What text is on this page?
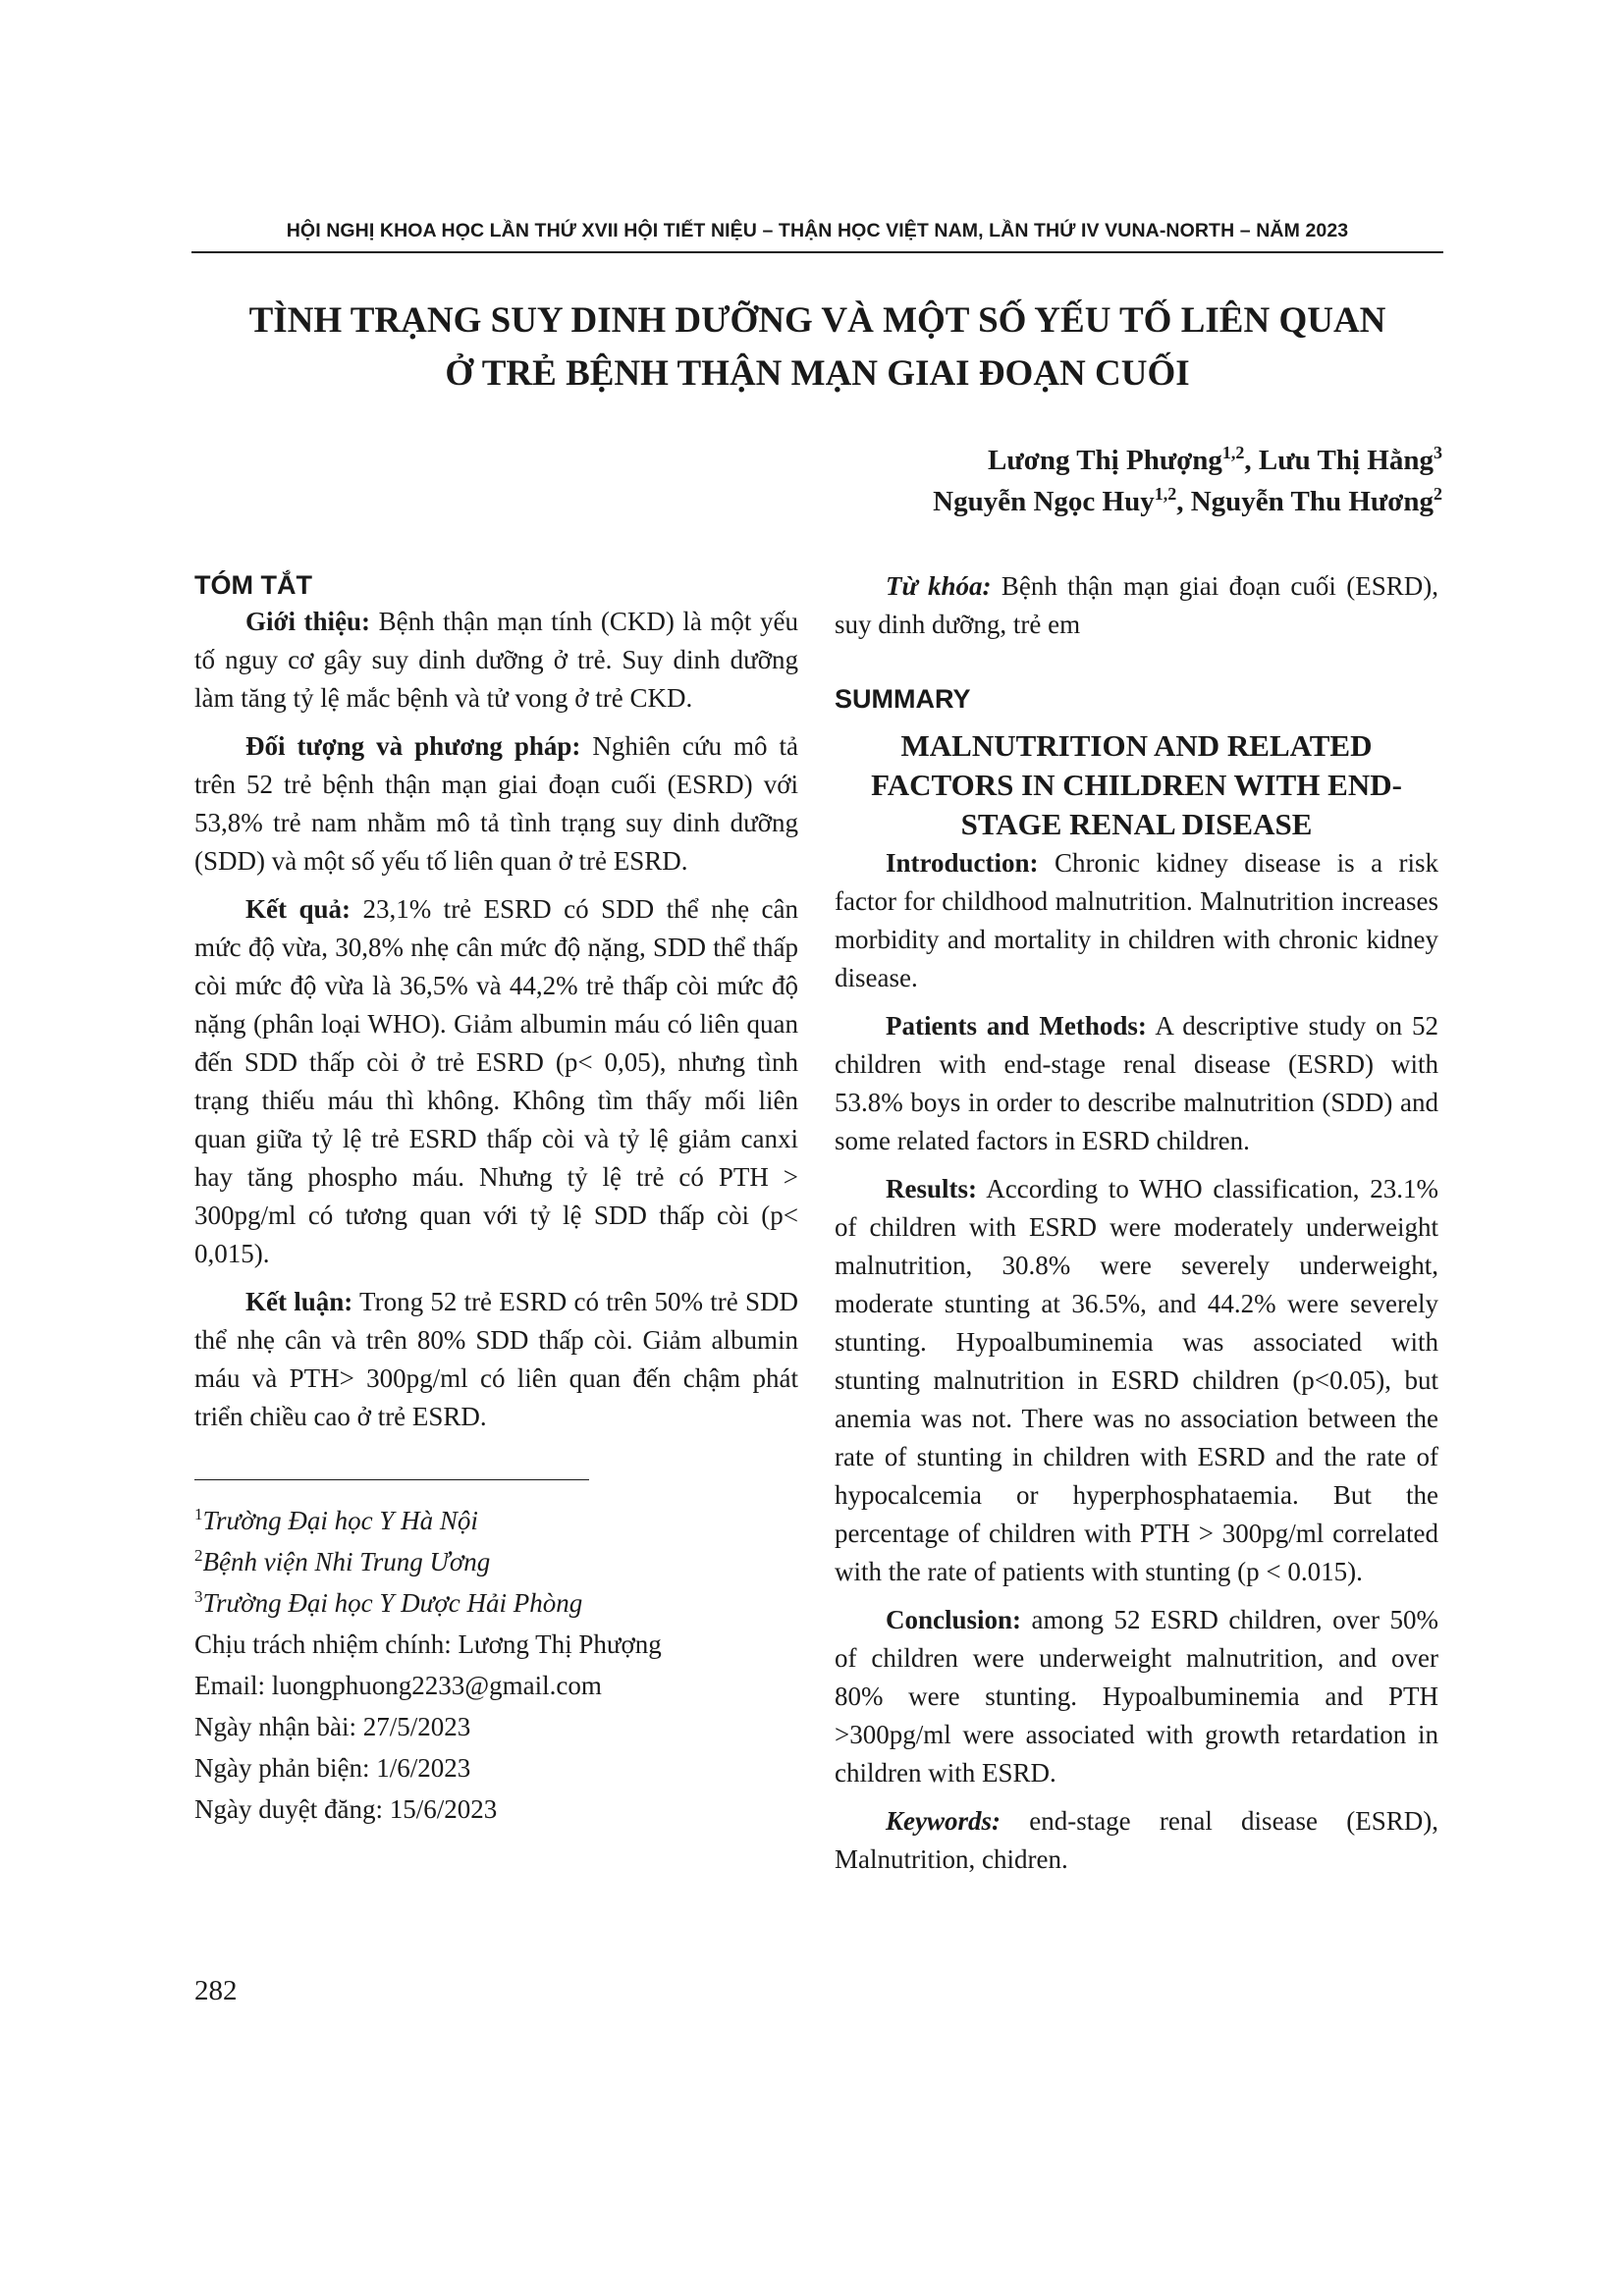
HỘI NGHỊ KHOA HỌC LẦN THỨ XVII HỘI TIẾT NIỆU – THẬN HỌC VIỆT NAM, LẦN THỨ IV VUNA-NORTH – NĂM 2023
TÌNH TRẠNG SUY DINH DƯỠNG VÀ MỘT SỐ YẾU TỐ LIÊN QUAN
Ở TRẺ BỆNH THẬN MẠN GIAI ĐOẠN CUỐI
Lương Thị Phượng$^{1,2}$, Lưu Thị Hằng$^3$
Nguyễn Ngọc Huy$^{1,2}$, Nguyễn Thu Hương$^2$
TÓM TẮT

Giới thiệu: Bệnh thận mạn tính (CKD) là một yếu tố nguy cơ gây suy dinh dưỡng ở trẻ. Suy dinh dưỡng làm tăng tỷ lệ mắc bệnh và tử vong ở trẻ CKD.

Đối tượng và phương pháp: Nghiên cứu mô tả trên 52 trẻ bệnh thận mạn giai đoạn cuối (ESRD) với 53,8% trẻ nam nhằm mô tả tình trạng suy dinh dưỡng (SDD) và một số yếu tố liên quan ở trẻ ESRD.

Kết quả: 23,1% trẻ ESRD có SDD thể nhẹ cân mức độ vừa, 30,8% nhẹ cân mức độ nặng, SDD thể thấp còi mức độ vừa là 36,5% và 44,2% trẻ thấp còi mức độ nặng (phân loại WHO). Giảm albumin máu có liên quan đến SDD thấp còi ở trẻ ESRD (p< 0,05), nhưng tình trạng thiếu máu thì không. Không tìm thấy mối liên quan giữa tỷ lệ trẻ ESRD thấp còi và tỷ lệ giảm canxi hay tăng phospho máu. Nhưng tỷ lệ trẻ có PTH > 300pg/ml có tương quan với tỷ lệ SDD thấp còi (p< 0,015).

Kết luận: Trong 52 trẻ ESRD có trên 50% trẻ SDD thể nhẹ cân và trên 80% SDD thấp còi. Giảm albumin máu và PTH> 300pg/ml có liên quan đến chậm phát triển chiều cao ở trẻ ESRD.

$^1$Trường Đại học Y Hà Nội

$^2$Bệnh viện Nhi Trung Ương

$^3$Trường Đại học Y Dược Hải Phòng

Chịu trách nhiệm chính: Lương Thị Phượng

Email: luongphuong2233@gmail.com

Ngày nhận bài: 27/5/2023

Ngày phản biện: 1/6/2023

Ngày duyệt đăng: 15/6/2023

Từ khóa: Bệnh thận mạn giai đoạn cuối (ESRD), suy dinh dưỡng, trẻ em

SUMMARY
MALNUTRITION AND RELATED
FACTORS IN CHILDREN WITH END-
STAGE RENAL DISEASE

Introduction: Chronic kidney disease is a risk factor for childhood malnutrition. Malnutrition increases morbidity and mortality in children with chronic kidney disease.

Patients and Methods: A descriptive study on 52 children with end-stage renal disease (ESRD) with 53.8% boys in order to describe malnutrition (SDD) and some related factors in ESRD children.

Results: According to WHO classification, 23.1% of children with ESRD were moderately underweight malnutrition, 30.8% were severely underweight, moderate stunting at 36.5%, and 44.2% were severely stunting. Hypoalbuminemia was associated with stunting malnutrition in ESRD children (p<0.05), but anemia was not. There was no association between the rate of stunting in children with ESRD and the rate of hypocalcemia or hyperphosphataemia. But the percentage of children with PTH > 300pg/ml correlated with the rate of patients with stunting (p < 0.015).

Conclusion: among 52 ESRD children, over 50% of children were underweight malnutrition, and over 80% were stunting. Hypoalbuminemia and PTH >300pg/ml were associated with growth retardation in children with ESRD.

Keywords: end-stage renal disease (ESRD), Malnutrition, chidren.

282
